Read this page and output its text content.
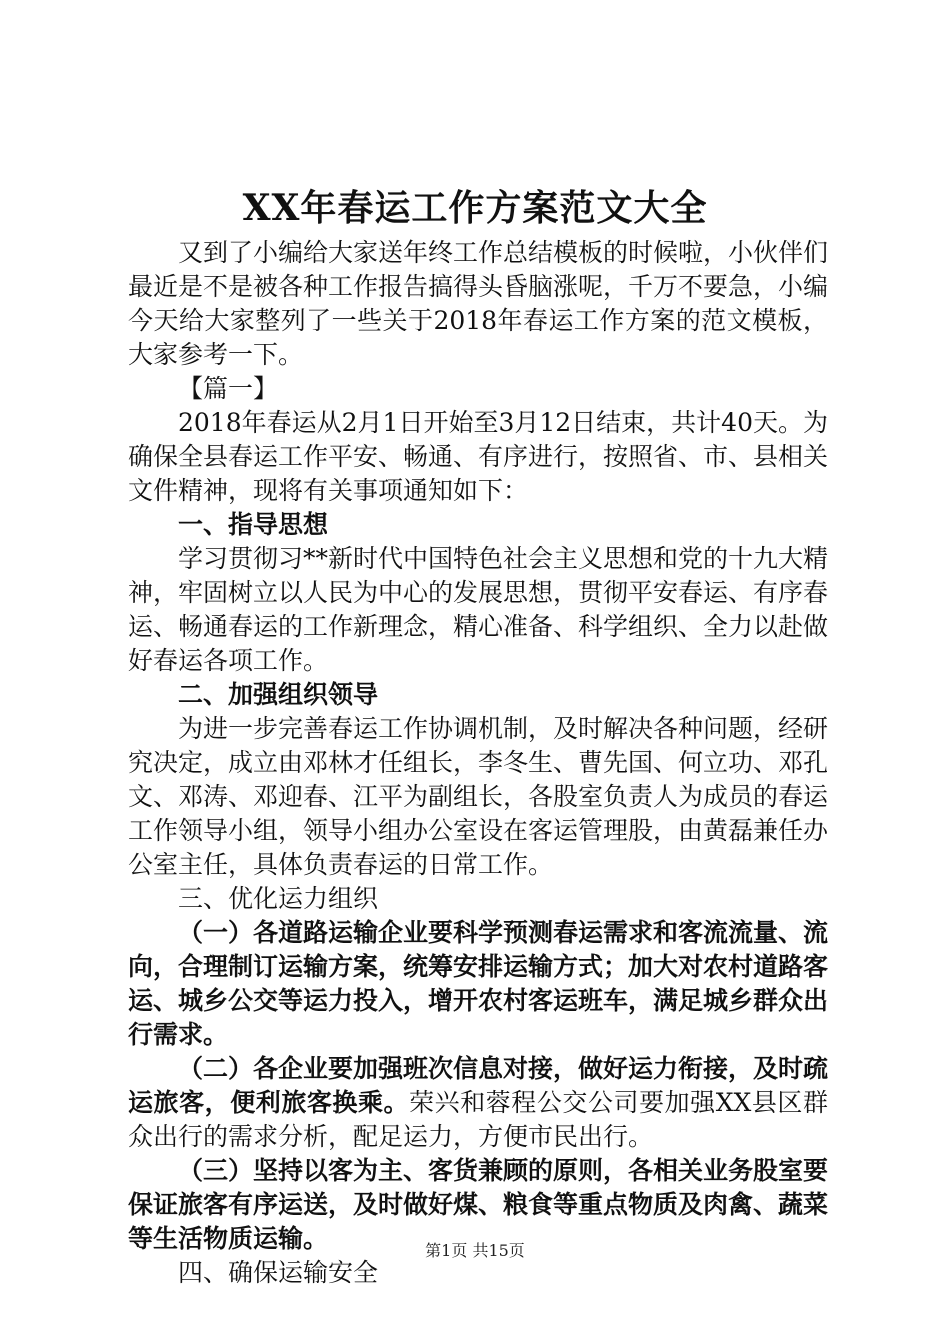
XX年春运工作方案范文大全

又到了小编给大家送年终工作总结模板的时候啦，小伙伴们最近是不是被各种工作报告搞得头昏脑涨呢，千万不要急，小编今天给大家整列了一些关于2018年春运工作方案的范文模板，大家参考一下。

【篇一】

2018年春运从2月1日开始至3月12日结束，共计40天。为确保全县春运工作平安、畅通、有序进行，按照省、市、县相关文件精神，现将有关事项通知如下：

一、指导思想

学习贯彻习**新时代中国特色社会主义思想和党的十九大精神，牢固树立以人民为中心的发展思想，贯彻平安春运、有序春运、畅通春运的工作新理念，精心准备、科学组织、全力以赴做好春运各项工作。

二、加强组织领导

为进一步完善春运工作协调机制，及时解决各种问题，经研究决定，成立由邓林才任组长，李冬生、曹先国、何立功、邓孔文、邓涛、邓迎春、江平为副组长，各股室负责人为成员的春运工作领导小组，领导小组办公室设在客运管理股，由黄磊兼任办公室主任，具体负责春运的日常工作。

三、优化运力组织

（一）各道路运输企业要科学预测春运需求和客流流量、流向，合理制订运输方案，统筹安排运输方式；加大对农村道路客运、城乡公交等运力投入，增开农村客运班车，满足城乡群众出行需求。

（二）各企业要加强班次信息对接，做好运力衔接，及时疏运旅客，便利旅客换乘。荣兴和蓉程公交公司要加强XX县区群众出行的需求分析，配足运力，方便市民出行。

（三）坚持以客为主、客货兼顾的原则，各相关业务股室要保证旅客有序运送，及时做好煤、粮食等重点物质及肉禽、蔬菜等生活物质运输。

四、确保运输安全

第1页 共15页
